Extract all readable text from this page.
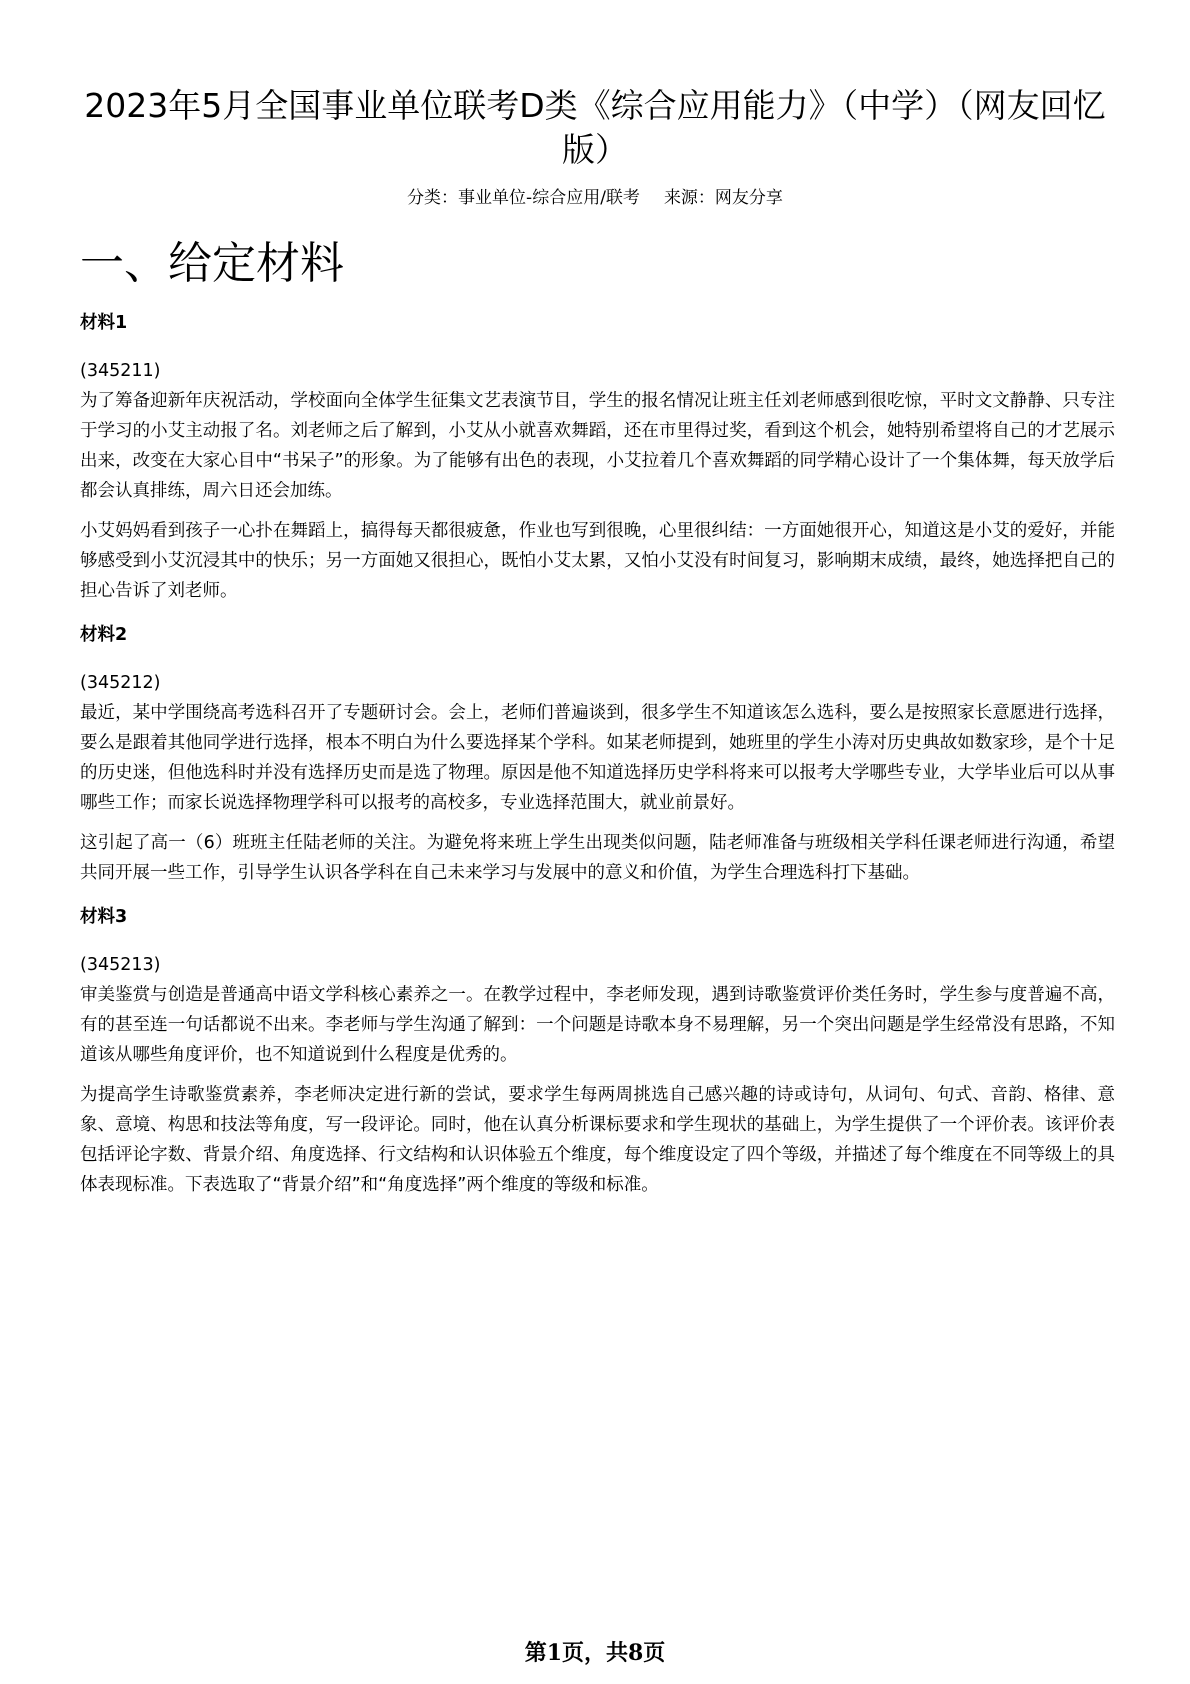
2023年5月全国事业单位联考D类《综合应用能力》（中学）（网友回忆版）
分类：事业单位-综合应用/联考 来源：网友分享
一、给定材料
材料1
(345211)

为了筹备迎新年庆祝活动，学校面向全体学生征集文艺表演节目，学生的报名情况让班主任刘老师感到很吃惊，平时文文静静、只专注于学习的小艾主动报了名。刘老师之后了解到，小艾从小就喜欢舞蹈，还在市里得过奖，看到这个机会，她特别希望将自己的才艺展示出来，改变在大家心目中“书呆子”的形象。为了能够有出色的表现，小艾拉着几个喜欢舞蹈的同学精心设计了一个集体舞，每天放学后都会认真排练，周六日还会加练。

小艾妈妈看到孩子一心扑在舞蹈上，搞得每天都很疲惫，作业也写到很晚，心里很纠结：一方面她很开心，知道这是小艾的爱好，并能够感受到小艾沉浸其中的快乐；另一方面她又很担心，既怕小艾太累，又怕小艾没有时间复习，影响期末成绩，最终，她选择把自己的担心告诉了刘老师。

材料2
(345212)

最近，某中学围绕高考选科召开了专题研讨会。会上，老师们普遍谈到，很多学生不知道该怎么选科，要么是按照家长意愿进行选择，要么是跟着其他同学进行选择，根本不明白为什么要选择某个学科。如某老师提到，她班里的学生小涛对历史典故如数家珍，是个十足的历史迷，但他选科时并没有选择历史而是选了物理。原因是他不知道选择历史学科将来可以报考大学哪些专业，大学毕业后可以从事哪些工作；而家长说选择物理学科可以报考的高校多，专业选择范围大，就业前景好。

这引起了高一（6）班班主任陆老师的关注。为避免将来班上学生出现类似问题，陆老师准备与班级相关学科任课老师进行沟通，希望共同开展一些工作，引导学生认识各学科在自己未来学习与发展中的意义和价值，为学生合理选科打下基础。

材料3
(345213)

审美鉴赏与创造是普通高中语文学科核心素养之一。在教学过程中，李老师发现，遇到诗歌鉴赏评价类任务时，学生参与度普遍不高，有的甚至连一句话都说不出来。李老师与学生沟通了解到：一个问题是诗歌本身不易理解，另一个突出问题是学生经常没有思路，不知道该从哪些角度评价，也不知道说到什么程度是优秀的。

为提高学生诗歌鉴赏素养，李老师决定进行新的尝试，要求学生每两周挑选自己感兴趣的诗或诗句，从词句、句式、音韵、格律、意象、意境、构思和技法等角度，写一段评论。同时，他在认真分析课标要求和学生现状的基础上，为学生提供了一个评价表。该评价表包括评论字数、背景介绍、角度选择、行文结构和认识体验五个维度，每个维度设定了四个等级，并描述了每个维度在不同等级上的具体表现标准。下表选取了“背景介绍”和“角度选择”两个维度的等级和标准。

第1页，共8页
